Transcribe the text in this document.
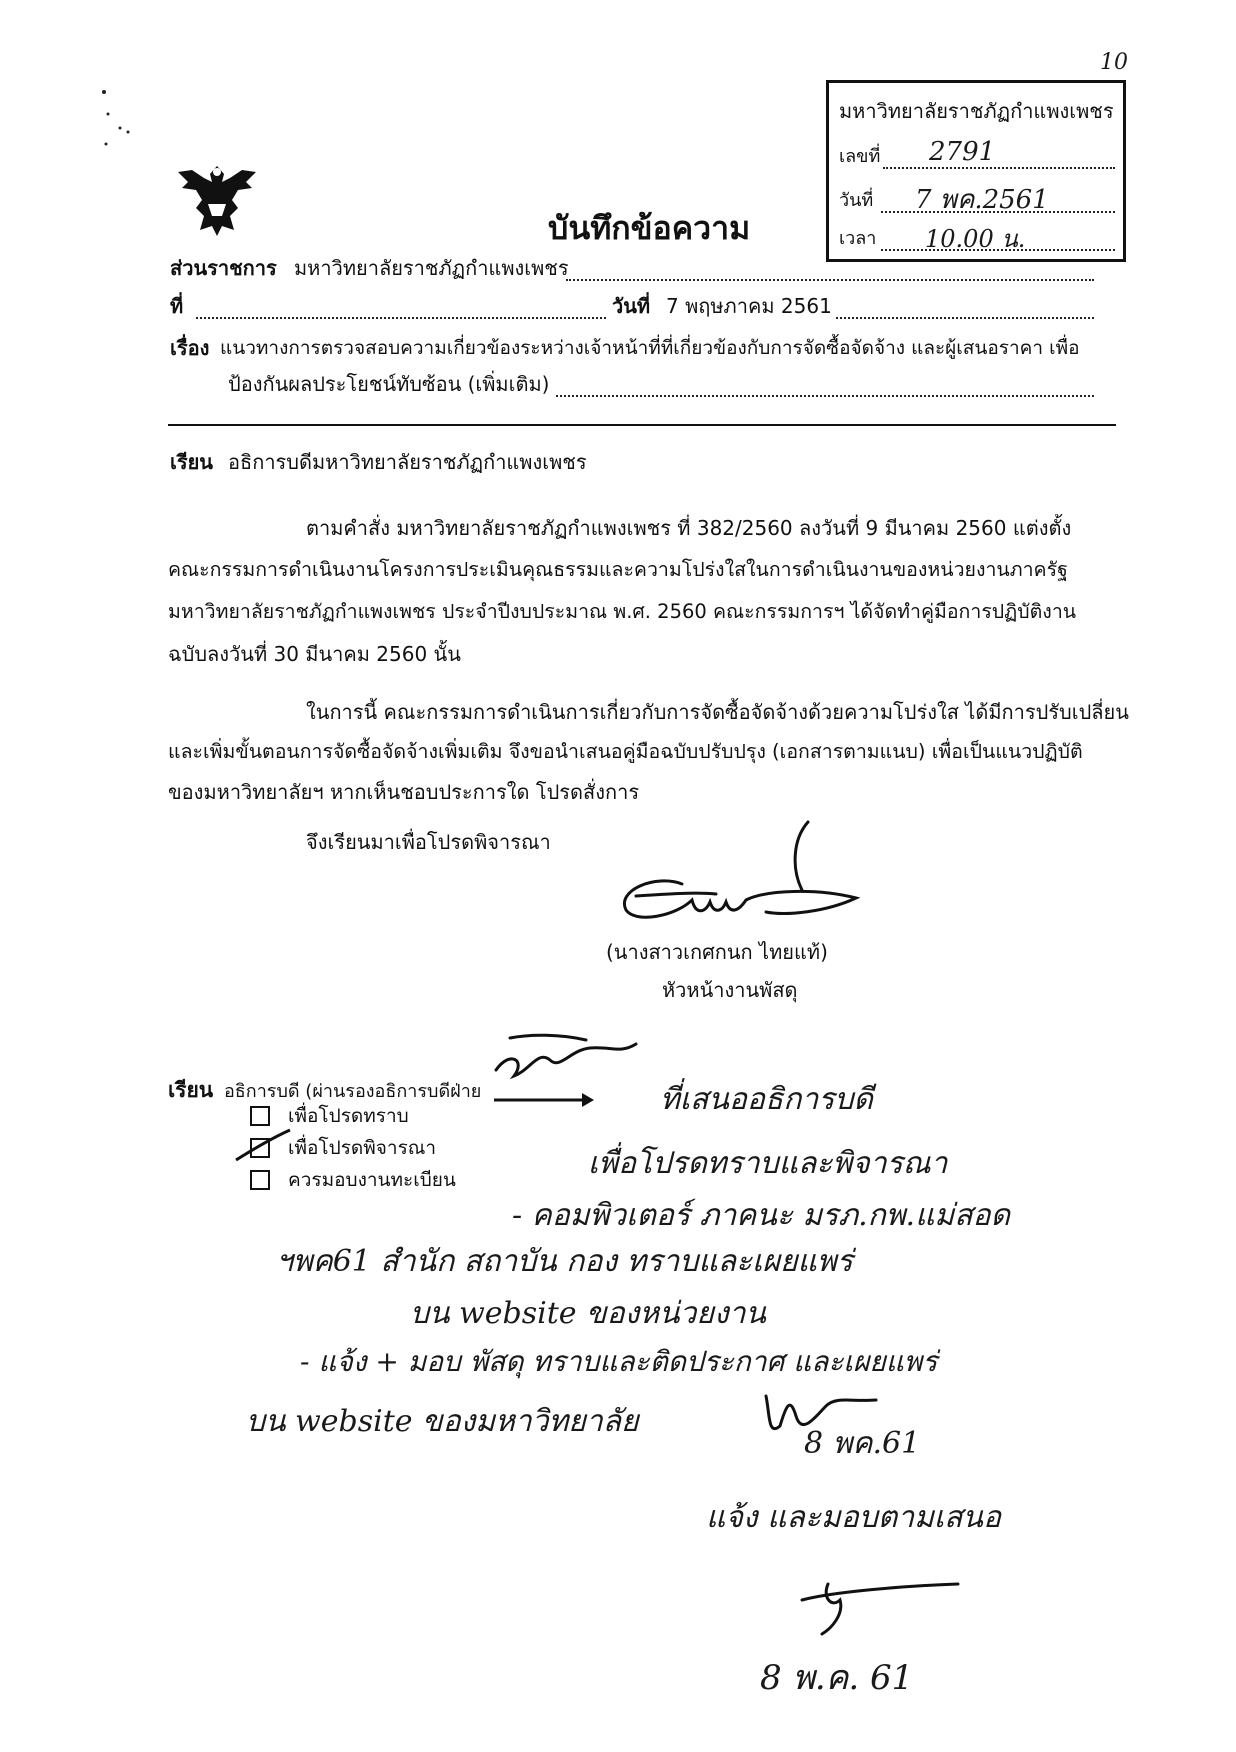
10
บันทึกข้อความ
มหาวิทยาลัยราชภัฏกำแพงเพชร
เลขที่ 2791
วันที่ 7 พค.2561
เวลา 10.00 น.
ส่วนราชการ มหาวิทยาลัยราชภัฏกำแพงเพชร
ที่	วันที่ 7 พฤษภาคม 2561
เรื่อง แนวทางการตรวจสอบความเกี่ยวข้องระหว่างเจ้าหน้าที่ที่เกี่ยวข้องกับการจัดซื้อจัดจ้าง และผู้เสนอราคา เพื่อ
ป้องกันผลประโยชน์ทับซ้อน (เพิ่มเติม)
เรียน อธิการบดีมหาวิทยาลัยราชภัฏกำแพงเพชร
ตามคำสั่ง มหาวิทยาลัยราชภัฏกำแพงเพชร ที่ 382/2560 ลงวันที่ 9 มีนาคม 2560 แต่งตั้ง
คณะกรรมการดำเนินงานโครงการประเมินคุณธรรมและความโปร่งใสในการดำเนินงานของหน่วยงานภาครัฐ
มหาวิทยาลัยราชภัฏกำแพงเพชร ประจำปีงบประมาณ พ.ศ. 2560 คณะกรรมการฯ ได้จัดทำคู่มือการปฏิบัติงาน
ฉบับลงวันที่ 30 มีนาคม 2560 นั้น
ในการนี้ คณะกรรมการดำเนินการเกี่ยวกับการจัดซื้อจัดจ้างด้วยความโปร่งใส ได้มีการปรับเปลี่ยน
และเพิ่มขั้นตอนการจัดซื้อจัดจ้างเพิ่มเติม จึงขอนำเสนอคู่มือฉบับปรับปรุง (เอกสารตามแนบ) เพื่อเป็นแนวปฏิบัติ
ของมหาวิทยาลัยฯ หากเห็นชอบประการใด โปรดสั่งการ
จึงเรียนมาเพื่อโปรดพิจารณา
(นางสาวเกศกนก ไทยแท้)
หัวหน้างานพัสดุ
เรียน อธิการบดี (ผ่านรองอธิการบดีฝ่าย
เพื่อโปรดทราบ
เพื่อโปรดพิจารณา
ควรมอบงานทะเบียน
ที่เสนออธิการบดี
เพื่อโปรดทราบและพิจารณา
- คอมพิวเตอร์ ภาคนะ มรภ.กพ.แม่สอด
ฯพค61 สำนัก สถาบัน กอง ทราบและเผยแพร่
บน website ของหน่วยงาน
- แจ้ง + มอบ พัสดุ ทราบและติดประกาศ และเผยแพร่
บน website ของมหาวิทยาลัย
8 พค.61
แจ้ง และมอบตามเสนอ
8 พ.ค. 61
